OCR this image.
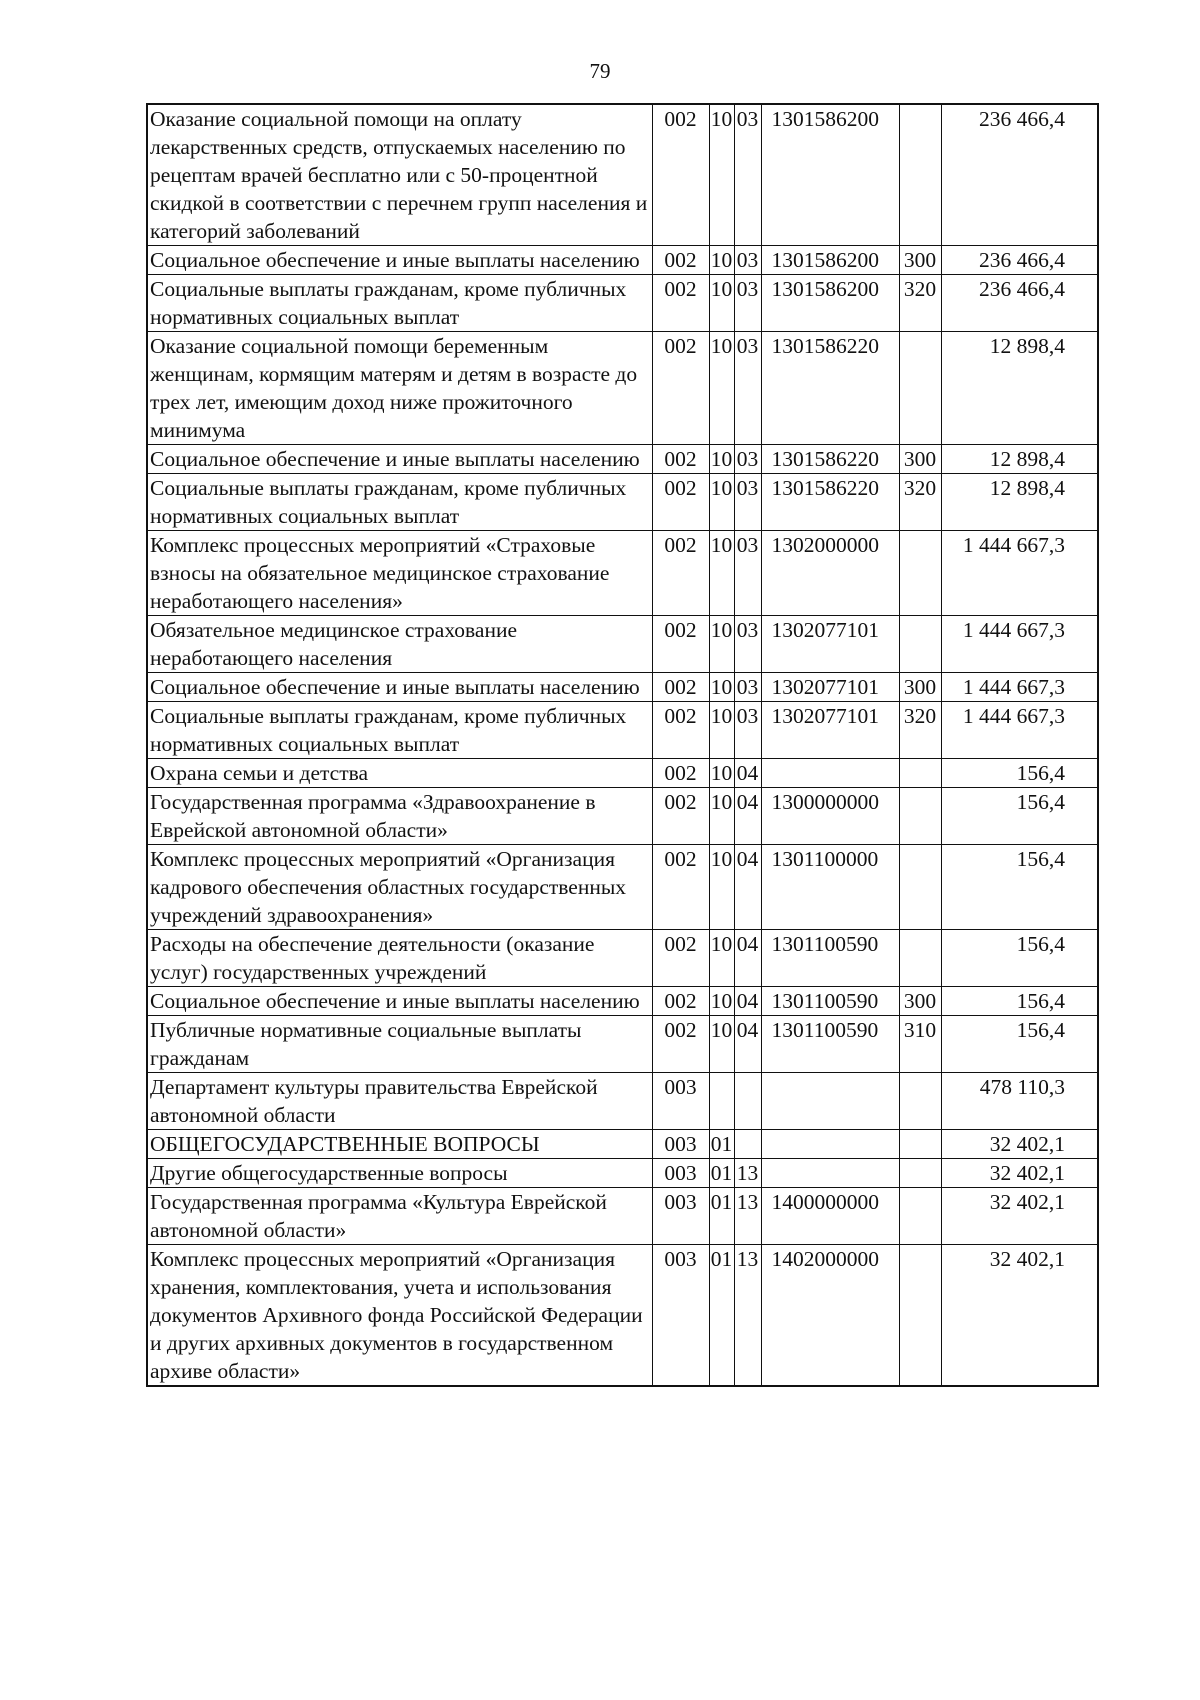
79
Оказание социальной помощи на оплату лекарственных средств, отпускаемых населению по рецептам врачей бесплатно или с 50-процентной скидкой в соответствии с перечнем групп населения и категорий заболеваний	002	10	03	1301586200		236 466,4
Социальное обеспечение и иные выплаты населению	002	10	03	1301586200	300	236 466,4
Социальные выплаты гражданам, кроме публичных нормативных социальных выплат	002	10	03	1301586200	320	236 466,4
Оказание социальной помощи беременным женщинам, кормящим матерям и детям в возрасте до трех лет, имеющим доход ниже прожиточного минимума	002	10	03	1301586220		12 898,4
Социальное обеспечение и иные выплаты населению	002	10	03	1301586220	300	12 898,4
Социальные выплаты гражданам, кроме публичных нормативных социальных выплат	002	10	03	1301586220	320	12 898,4
Комплекс процессных мероприятий «Страховые взносы на обязательное медицинское страхование неработающего населения»	002	10	03	1302000000		1 444 667,3
Обязательное медицинское страхование неработающего населения	002	10	03	1302077101		1 444 667,3
Социальное обеспечение и иные выплаты населению	002	10	03	1302077101	300	1 444 667,3
Социальные выплаты гражданам, кроме публичных нормативных социальных выплат	002	10	03	1302077101	320	1 444 667,3
Охрана семьи и детства	002	10	04			156,4
Государственная программа «Здравоохранение в Еврейской автономной области»	002	10	04	1300000000		156,4
Комплекс процессных мероприятий «Организация кадрового обеспечения областных государственных учреждений здравоохранения»	002	10	04	1301100000		156,4
Расходы на обеспечение деятельности (оказание услуг) государственных учреждений	002	10	04	1301100590		156,4
Социальное обеспечение и иные выплаты населению	002	10	04	1301100590	300	156,4
Публичные нормативные социальные выплаты гражданам	002	10	04	1301100590	310	156,4
Департамент культуры правительства Еврейской автономной области	003					478 110,3
ОБЩЕГОСУДАРСТВЕННЫЕ ВОПРОСЫ	003	01				32 402,1
Другие общегосударственные вопросы	003	01	13			32 402,1
Государственная программа «Культура Еврейской автономной области»	003	01	13	1400000000		32 402,1
Комплекс процессных мероприятий «Организация хранения, комплектования, учета и использования документов Архивного фонда Российской Федерации и других архивных документов в государственном архиве области»	003	01	13	1402000000		32 402,1
